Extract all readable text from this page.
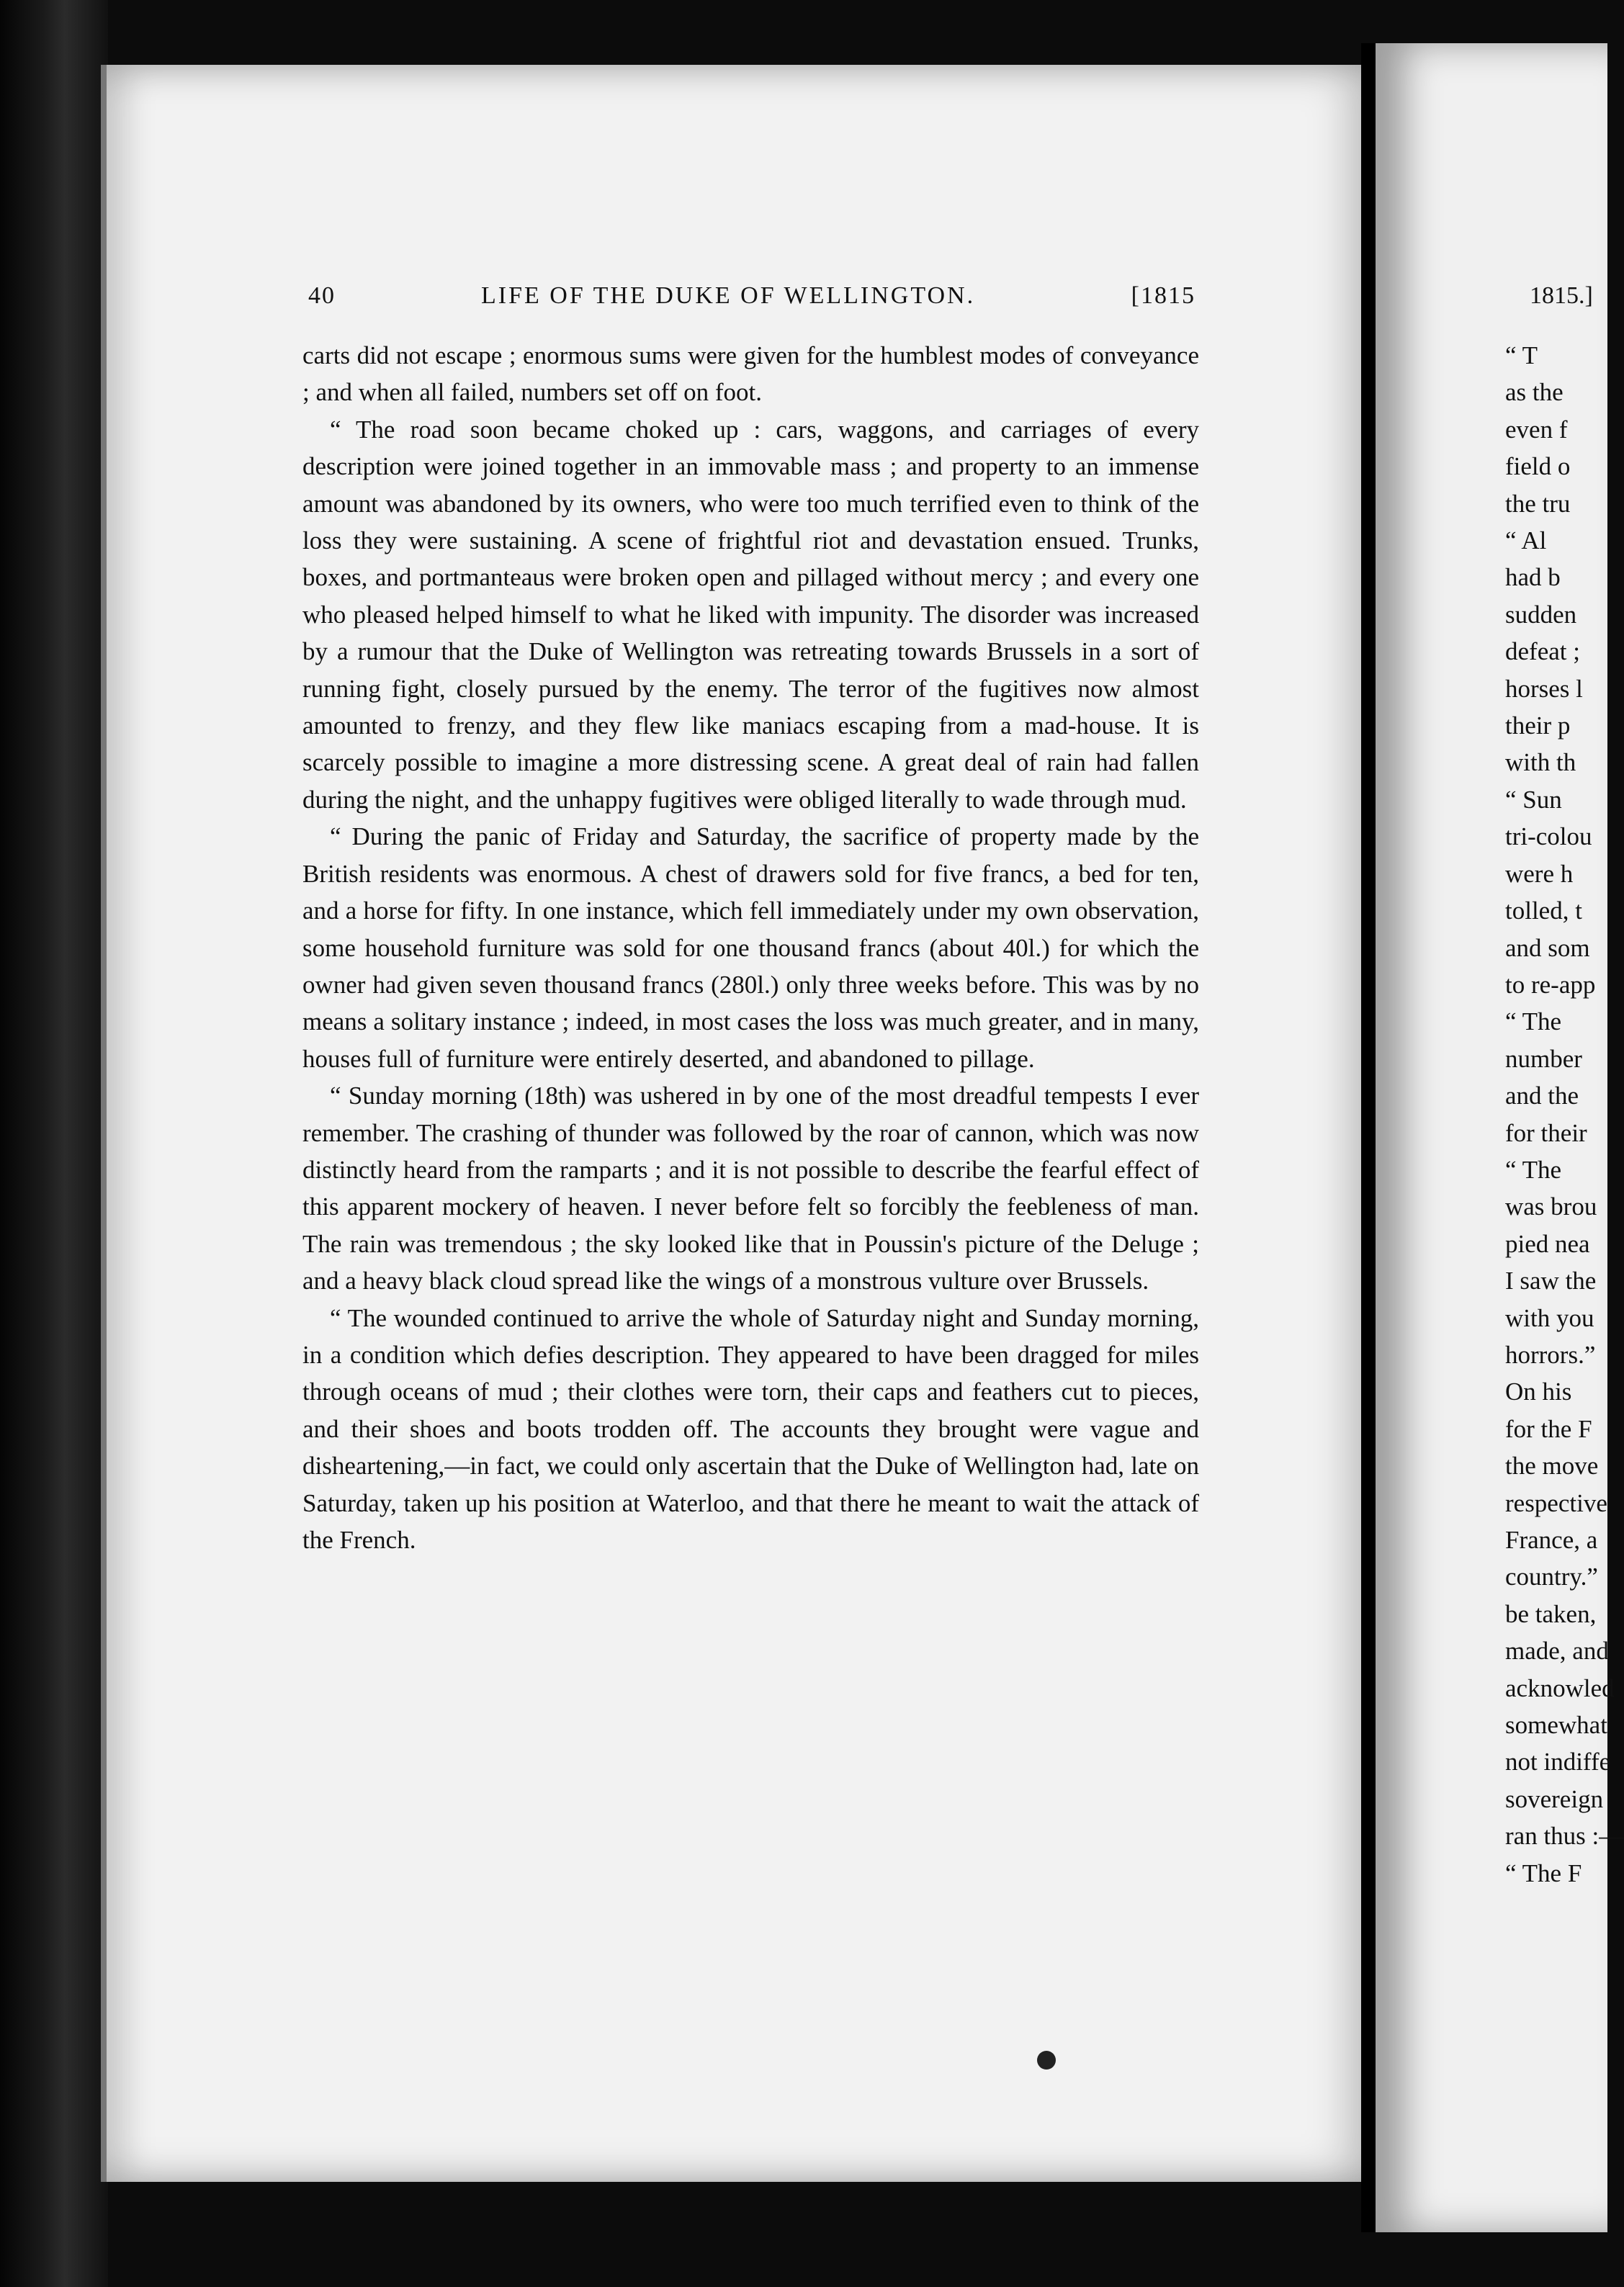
40	LIFE OF THE DUKE OF WELLINGTON.	[1815

carts did not escape ; enormous sums were given for the humblest modes of conveyance ; and when all failed, numbers set off on foot.

“ The road soon became choked up : cars, waggons, and carriages of every description were joined together in an immovable mass ; and property to an immense amount was abandoned by its owners, who were too much terrified even to think of the loss they were sustaining. A scene of frightful riot and devastation ensued. Trunks, boxes, and portmanteaus were broken open and pillaged without mercy ; and every one who pleased helped himself to what he liked with impunity. The disorder was increased by a rumour that the Duke of Wellington was retreating towards Brussels in a sort of running fight, closely pursued by the enemy. The terror of the fugitives now almost amounted to frenzy, and they flew like maniacs escaping from a mad-house. It is scarcely possible to imagine a more distressing scene. A great deal of rain had fallen during the night, and the unhappy fugitives were obliged literally to wade through mud.

“ During the panic of Friday and Saturday, the sacrifice of property made by the British residents was enormous. A chest of drawers sold for five francs, a bed for ten, and a horse for fifty. In one instance, which fell immediately under my own observation, some household furniture was sold for one thousand francs (about 40l.) for which the owner had given seven thousand francs (280l.) only three weeks before. This was by no means a solitary instance ; indeed, in most cases the loss was much greater, and in many, houses full of furniture were entirely deserted, and abandoned to pillage.

“ Sunday morning (18th) was ushered in by one of the most dreadful tempests I ever remember. The crashing of thunder was followed by the roar of cannon, which was now distinctly heard from the ramparts ; and it is not possible to describe the fearful effect of this apparent mockery of heaven. I never before felt so forcibly the feebleness of man. The rain was tremendous ; the sky looked like that in Poussin's picture of the Deluge ; and a heavy black cloud spread like the wings of a monstrous vulture over Brussels.

“ The wounded continued to arrive the whole of Saturday night and Sunday morning, in a condition which defies description. They appeared to have been dragged for miles through oceans of mud ; their clothes were torn, their caps and feathers cut to pieces, and their shoes and boots trodden off. The accounts they brought were vague and disheartening,—in fact, we could only ascertain that the Duke of Wellington had, late on Saturday, taken up his position at Waterloo, and that there he meant to wait the attack of the French.

1815.]
“ T
as the
even f
field o
the tru
“ Al
had b
sudden
defeat ;
horses l
their p
with th
“ Sun
tri-colou
were h
tolled, t
and som
to re-app
“ The
number
and the
for their
“ The
was brou
pied nea
I saw the
with you
horrors.”
On his
for the F
the move
respective
France, a
country.”
be taken,
made, and
acknowled
somewhat
not indiffe
sovereign
ran thus :—
“ The F
